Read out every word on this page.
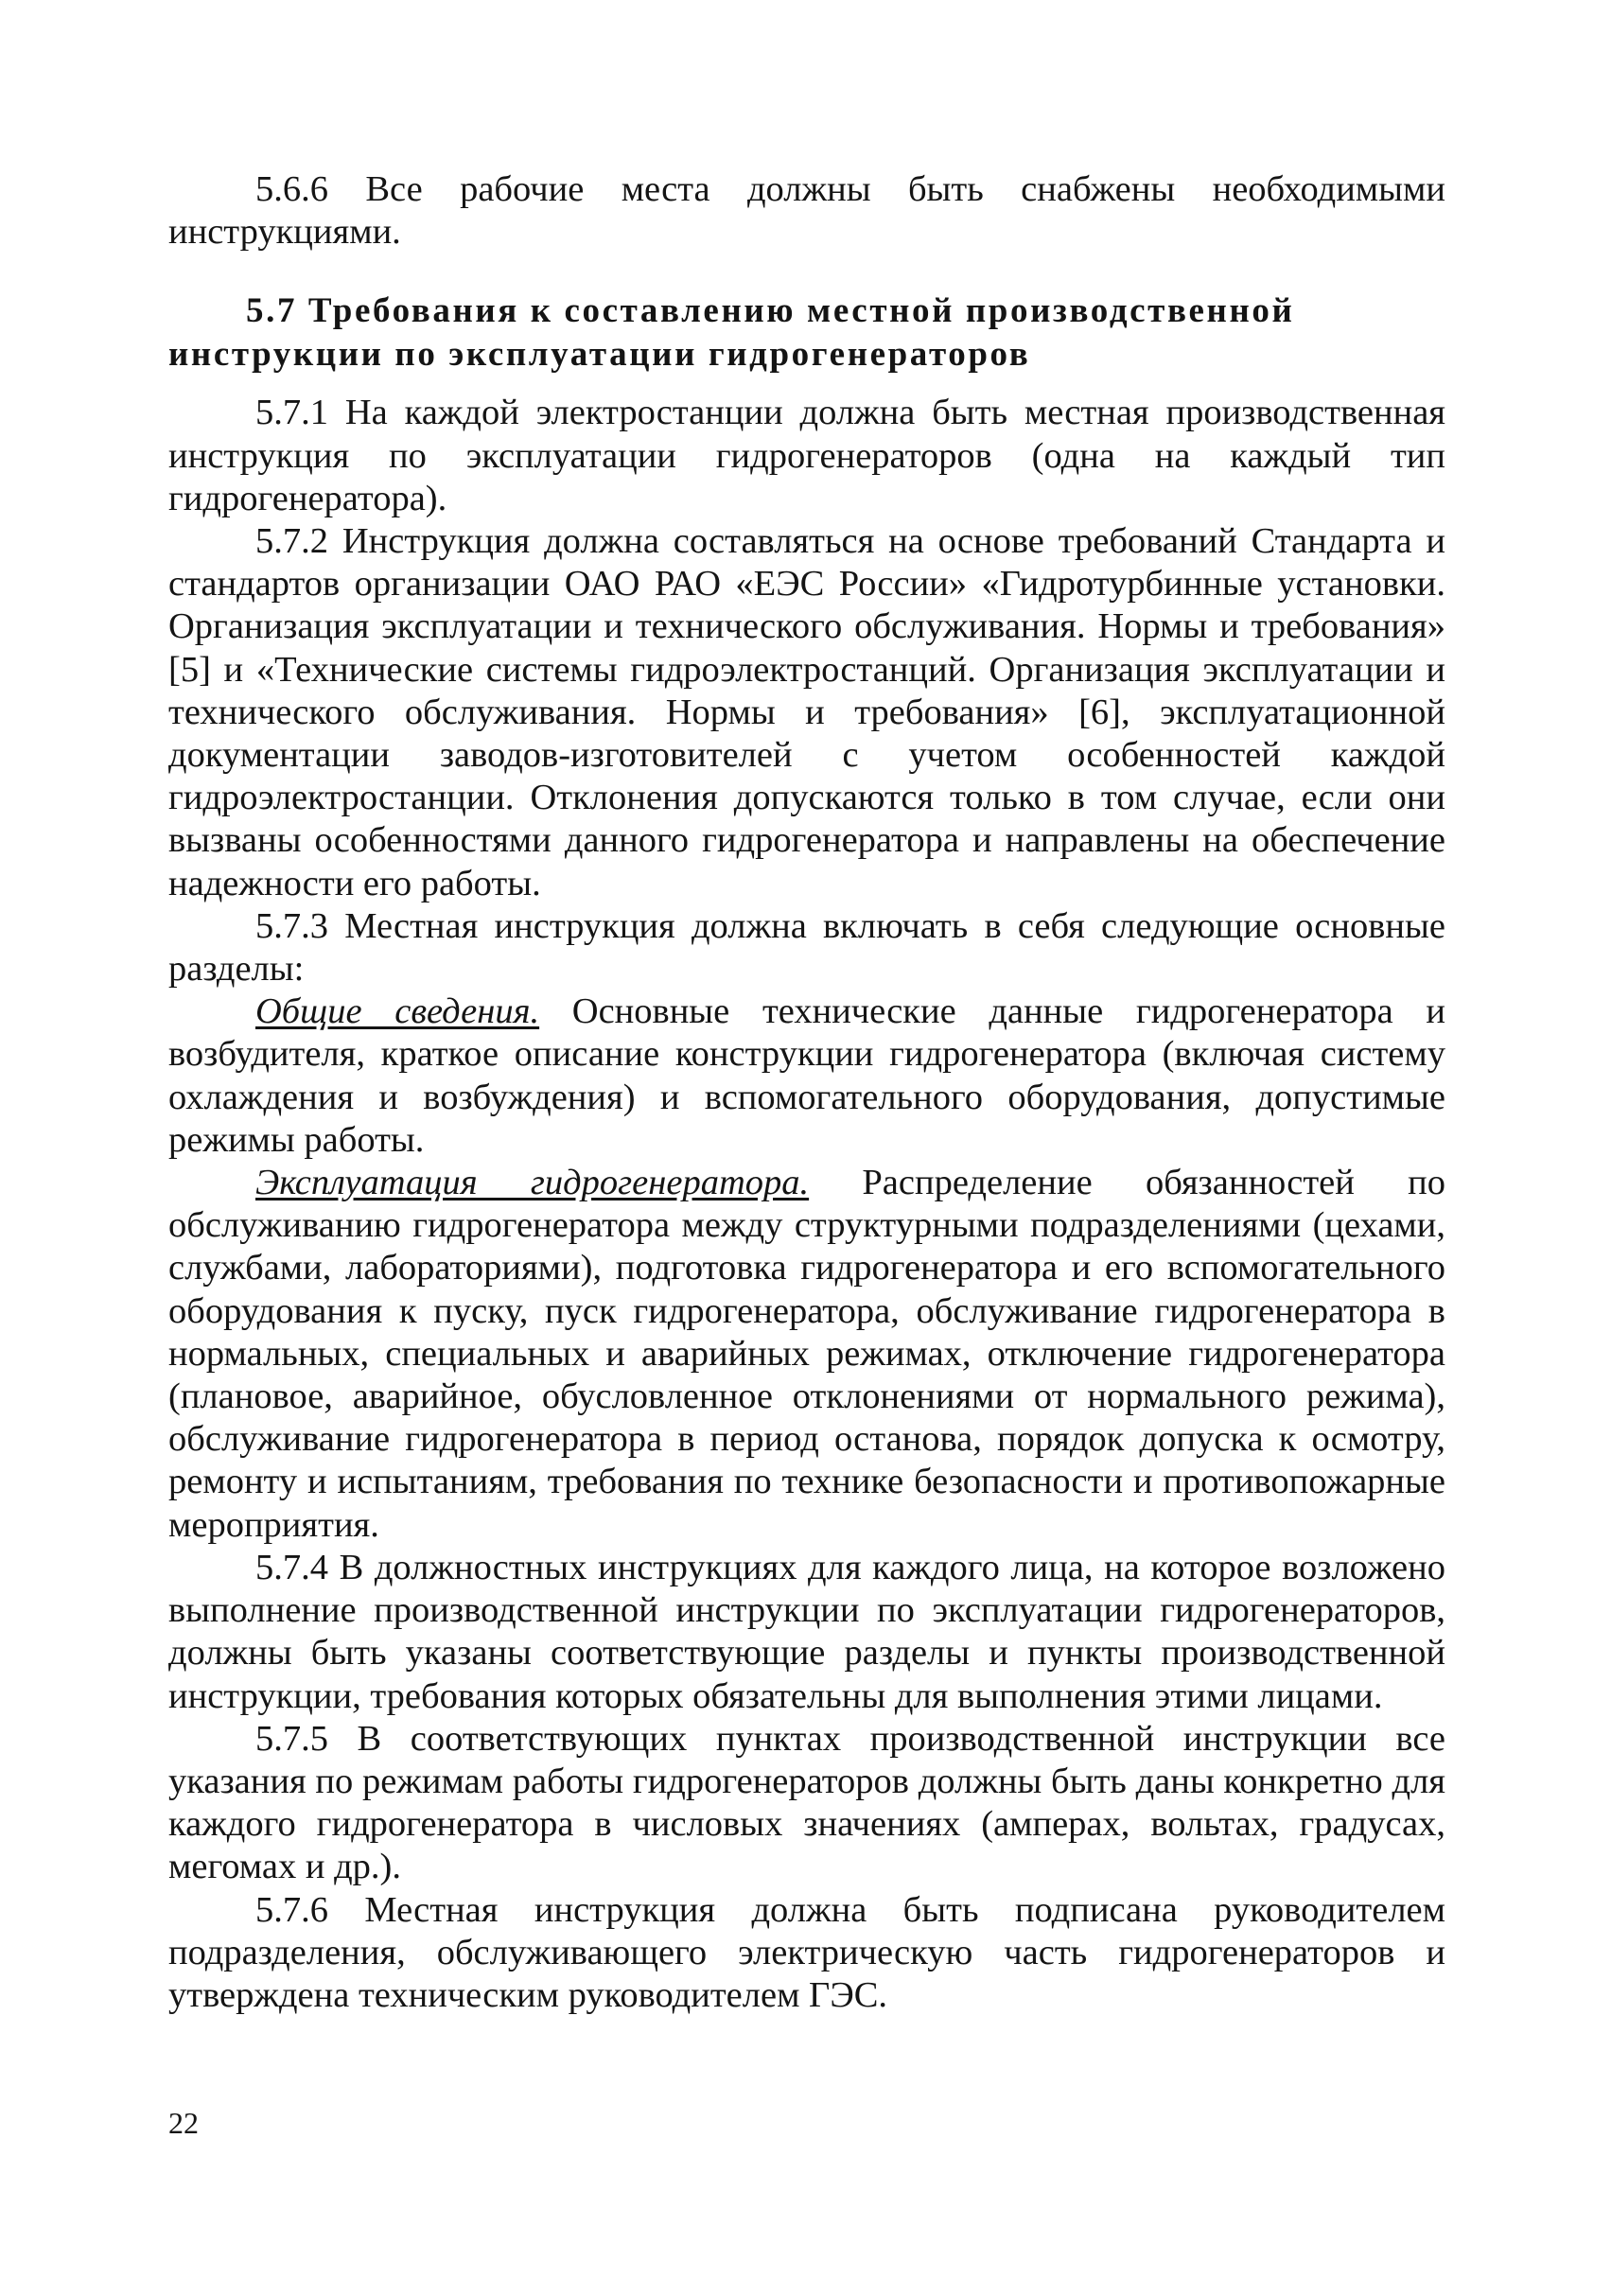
5.6.6 Все рабочие места должны быть снабжены необходимыми инструкциями.

5.7 Требования к составлению местной производственной инструкции по эксплуатации гидрогенераторов

5.7.1 На каждой электростанции должна быть местная производственная инструкция по эксплуатации гидрогенераторов (одна на каждый тип гидрогенератора).

5.7.2 Инструкция должна составляться на основе требований Стандарта и стандартов организации ОАО РАО «ЕЭС России» «Гидротурбинные установки. Организация эксплуатации и технического обслуживания. Нормы и требования» [5] и «Технические системы гидроэлектростанций. Организация эксплуатации и технического обслуживания. Нормы и требования» [6], эксплуатационной документации заводов-изготовителей с учетом особенностей каждой гидроэлектростанции. Отклонения допускаются только в том случае, если они вызваны особенностями данного гидрогенератора и направлены на обеспечение надежности его работы.

5.7.3 Местная инструкция должна включать в себя следующие основные разделы:

Общие сведения. Основные технические данные гидрогенератора и возбудителя, краткое описание конструкции гидрогенератора (включая систему охлаждения и возбуждения) и вспомогательного оборудования, допустимые режимы работы.

Эксплуатация гидрогенератора. Распределение обязанностей по обслуживанию гидрогенератора между структурными подразделениями (цехами, службами, лабораториями), подготовка гидрогенератора и его вспомогательного оборудования к пуску, пуск гидрогенератора, обслуживание гидрогенератора в нормальных, специальных и аварийных режимах, отключение гидрогенератора (плановое, аварийное, обусловленное отклонениями от нормального режима), обслуживание гидрогенератора в период останова, порядок допуска к осмотру, ремонту и испытаниям, требования по технике безопасности и противопожарные мероприятия.

5.7.4 В должностных инструкциях для каждого лица, на которое возложено выполнение производственной инструкции по эксплуатации гидрогенераторов, должны быть указаны соответствующие разделы и пункты производственной инструкции, требования которых обязательны для выполнения этими лицами.

5.7.5 В соответствующих пунктах производственной инструкции все указания по режимам работы гидрогенераторов должны быть даны конкретно для каждого гидрогенератора в числовых значениях (амперах, вольтах, градусах, мегомах и др.).

5.7.6 Местная инструкция должна быть подписана руководителем подразделения, обслуживающего электрическую часть гидрогенераторов и утверждена техническим руководителем ГЭС.

22
